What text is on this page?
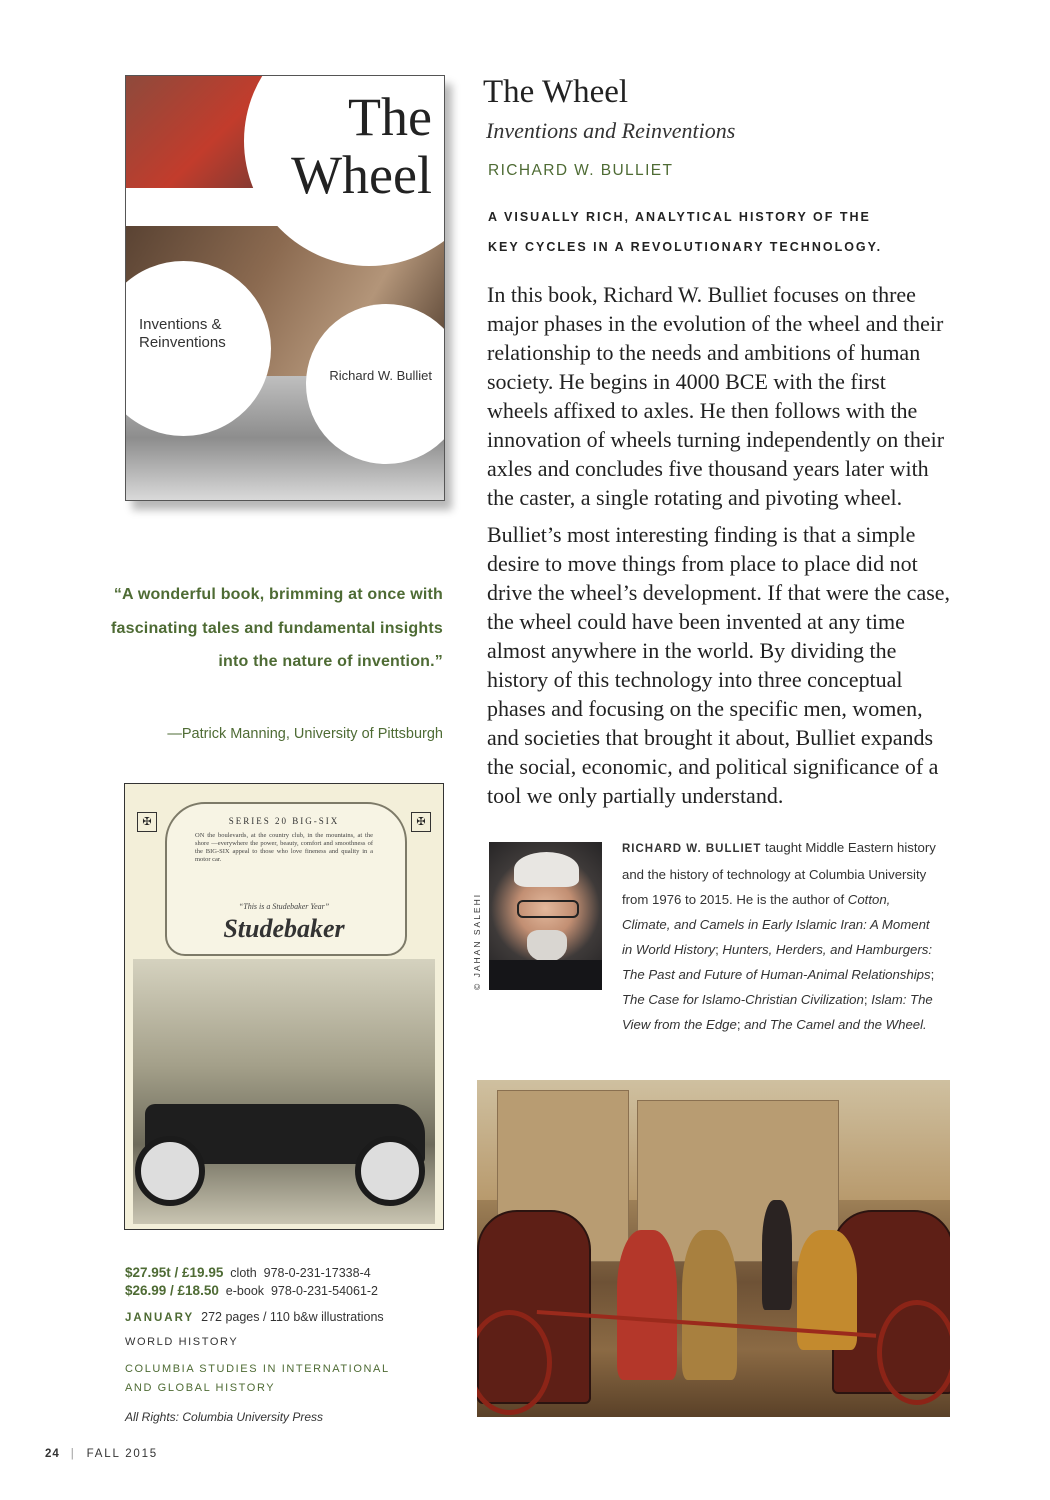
The
Wheel
Inventions &
Reinventions
Richard W. Bulliet
“A wonderful book, brimming at once with fascinating tales and fundamental insights into the nature of invention.”
—Patrick Manning, University of Pittsburgh
✠	✠
SERIES 20 BIG-SIX
ON the boulevards, at the country club, in the mountains, at the shore —everywhere the power, beauty, comfort and smoothness of the BIG-SIX appeal to those who love fineness and quality in a motor car.
“This is a Studebaker Year”
Studebaker
$27.95t / £19.95 cloth 978-0-231-17338-4
$26.99 / £18.50 e-book 978-0-231-54061-2
JANUARY 272 pages / 110 b&w illustrations
WORLD HISTORY
COLUMBIA STUDIES IN INTERNATIONAL
AND GLOBAL HISTORY
All Rights: Columbia University Press
The Wheel
Inventions and Reinventions
RICHARD W. BULLIET
A VISUALLY RICH, ANALYTICAL HISTORY OF THE
KEY CYCLES IN A REVOLUTIONARY TECHNOLOGY.

In this book, Richard W. Bulliet focuses on three major phases in the evolution of the wheel and their relationship to the needs and ambitions of human society. He begins in 4000 BCE with the first wheels affixed to axles. He then follows with the innovation of wheels turning independently on their axles and concludes five thousand years later with the caster, a single rotating and pivoting wheel.

Bulliet’s most interesting finding is that a simple desire to move things from place to place did not drive the wheel’s development. If that were the case, the wheel could have been invented at any time almost anywhere in the world. By dividing the history of this technology into three conceptual phases and focusing on the specific men, women, and societies that brought it about, Bulliet expands the social, economic, and political significance of a tool we only partially understand.

© JAHAN SALEHI
RICHARD W. BULLIET taught Middle Eastern history and the history of technology at Columbia University from 1976 to 2015. He is the author of Cotton, Climate, and Camels in Early Islamic Iran: A Moment in World History; Hunters, Herders, and Hamburgers: The Past and Future of Human-Animal Relationships; The Case for Islamo-Christian Civilization; Islam: The View from the Edge; and The Camel and the Wheel.
24 | FALL 2015
